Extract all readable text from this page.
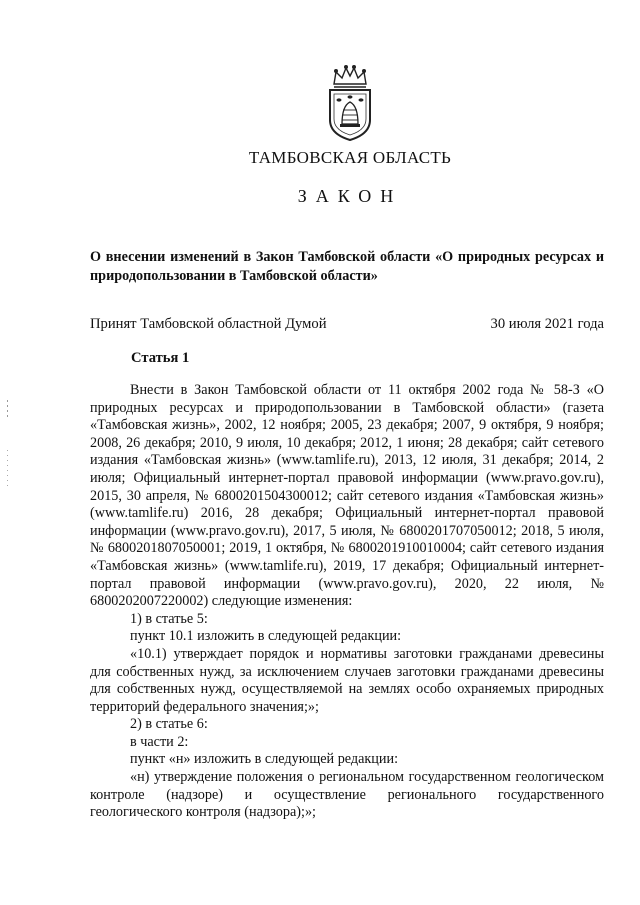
ТАМБОВСКАЯ ОБЛАСТЬ
ЗАКОН
О внесении изменений в Закон Тамбовской области «О природных ресурсах и природопользовании в Тамбовской области»
Принят Тамбовской областной Думой	30 июля 2021 года
Статья 1

Внести в Закон Тамбовской области от 11 октября 2002 года № 58-З «О природных ресурсах и природопользовании в Тамбовской области» (газета «Тамбовская жизнь», 2002, 12 ноября; 2005, 23 декабря; 2007, 9 октября, 9 ноября; 2008, 26 декабря; 2010, 9 июля, 10 декабря; 2012, 1 июня; 28 декабря; сайт сетевого издания «Тамбовская жизнь» (www.tamlife.ru), 2013, 12 июля, 31 декабря; 2014, 2 июля; Официальный интернет-портал правовой информации (www.pravo.gov.ru), 2015, 30 апреля, № 6800201504300012; сайт сетевого издания «Тамбовская жизнь» (www.tamlife.ru) 2016, 28 декабря; Официальный интернет-портал правовой информации (www.pravo.gov.ru), 2017, 5 июля, № 6800201707050012; 2018, 5 июля, № 6800201807050001; 2019, 1 октября, № 6800201910010004; сайт сетевого издания «Тамбовская жизнь» (www.tamlife.ru), 2019, 17 декабря; Официальный интернет-портал правовой информации (www.pravo.gov.ru), 2020, 22 июля, № 6800202007220002) следующие изменения:

1) в статье 5:

пункт 10.1 изложить в следующей редакции:

«10.1) утверждает порядок и нормативы заготовки гражданами древесины для собственных нужд, за исключением случаев заготовки гражданами древесины для собственных нужд, осуществляемой на землях особо охраняемых природных территорий федерального значения;»;

2) в статье 6:

в части 2:

пункт «н» изложить в следующей редакции:

«н) утверждение положения о региональном государственном геологическом контроле (надзоре) и осуществление регионального государственного геологического контроля (надзора);»;
